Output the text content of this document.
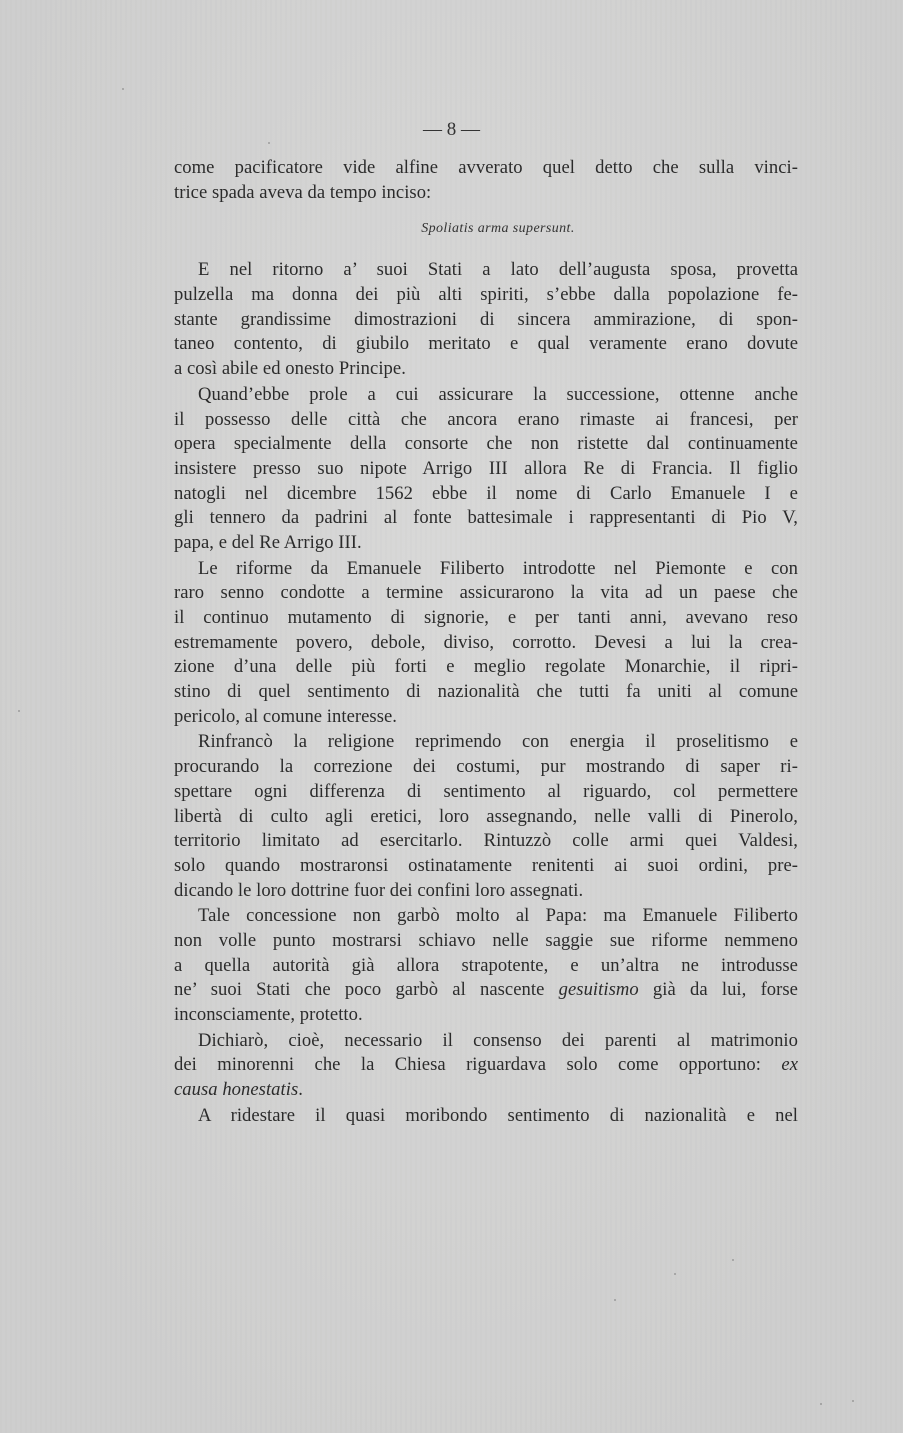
— 8 —
come pacificatore vide alfine avverato quel detto che sulla vinci-
trice spada aveva da tempo inciso:
Spoliatis arma supersunt.
E nel ritorno a’ suoi Stati a lato dell’augusta sposa, provetta
pulzella ma donna dei più alti spiriti, s’ebbe dalla popolazione fe-
stante grandissime dimostrazioni di sincera ammirazione, di spon-
taneo contento, di giubilo meritato e qual veramente erano dovute
a così abile ed onesto Principe.
Quand’ebbe prole a cui assicurare la successione, ottenne anche
il possesso delle città che ancora erano rimaste ai francesi, per
opera specialmente della consorte che non ristette dal continuamente
insistere presso suo nipote Arrigo III allora Re di Francia. Il figlio
natogli nel dicembre 1562 ebbe il nome di Carlo Emanuele I e
gli tennero da padrini al fonte battesimale i rappresentanti di Pio V,
papa, e del Re Arrigo III.
Le riforme da Emanuele Filiberto introdotte nel Piemonte e con
raro senno condotte a termine assicurarono la vita ad un paese che
il continuo mutamento di signorie, e per tanti anni, avevano reso
estremamente povero, debole, diviso, corrotto. Devesi a lui la crea-
zione d’una delle più forti e meglio regolate Monarchie, il ripri-
stino di quel sentimento di nazionalità che tutti fa uniti al comune
pericolo, al comune interesse.
Rinfrancò la religione reprimendo con energia il proselitismo e
procurando la correzione dei costumi, pur mostrando di saper ri-
spettare ogni differenza di sentimento al riguardo, col permettere
libertà di culto agli eretici, loro assegnando, nelle valli di Pinerolo,
territorio limitato ad esercitarlo. Rintuzzò colle armi quei Valdesi,
solo quando mostraronsi ostinatamente renitenti ai suoi ordini, pre-
dicando le loro dottrine fuor dei confini loro assegnati.
Tale concessione non garbò molto al Papa: ma Emanuele Filiberto
non volle punto mostrarsi schiavo nelle saggie sue riforme nemmeno
a quella autorità già allora strapotente, e un’altra ne introdusse
ne’ suoi Stati che poco garbò al nascente gesuitismo già da lui, forse
inconsciamente, protetto.
Dichiarò, cioè, necessario il consenso dei parenti al matrimonio
dei minorenni che la Chiesa riguardava solo come opportuno: ex
causa honestatis.
A ridestare il quasi moribondo sentimento di nazionalità e nel
